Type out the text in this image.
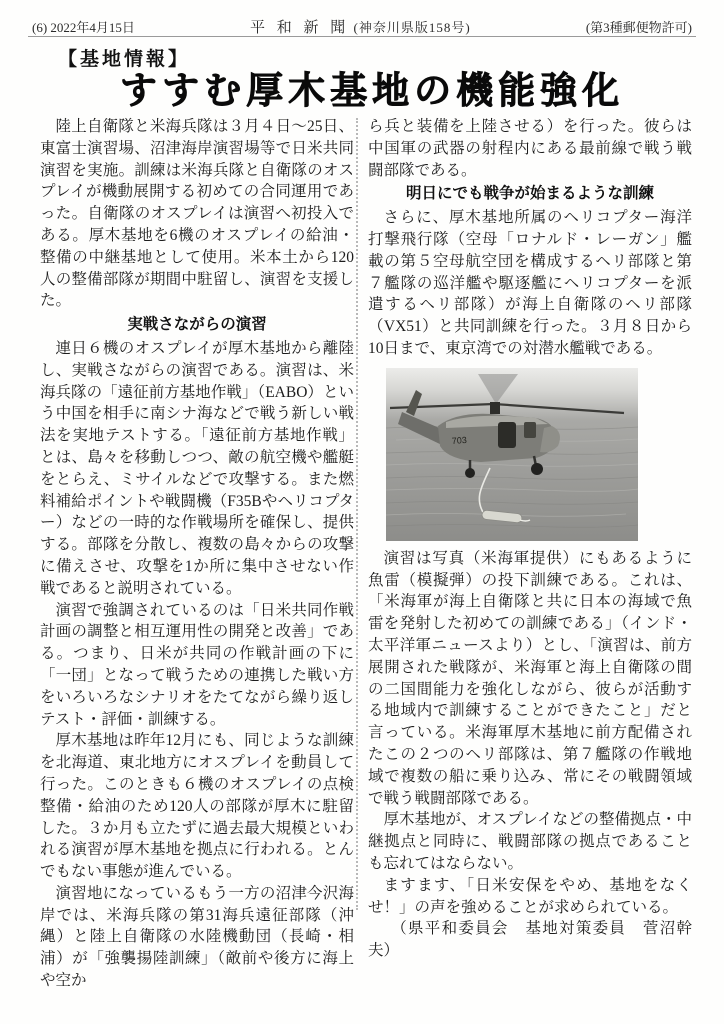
(6) 2022年4月15日	平 和 新 聞 (神奈川県版158号)	(第3種郵便物許可)
【基地情報】
すすむ厚木基地の機能強化

陸上自衛隊と米海兵隊は３月４日～25日、東富士演習場、沼津海岸演習場等で日米共同演習を実施。訓練は米海兵隊と自衛隊のオスプレイが機動展開する初めての合同運用であった。自衛隊のオスプレイは演習へ初投入である。厚木基地を6機のオスプレイの給油・整備の中継基地として使用。米本土から120人の整備部隊が期間中駐留し、演習を支援した。

実戦さながらの演習

連日６機のオスプレイが厚木基地から離陸し、実戦さながらの演習である。演習は、米海兵隊の「遠征前方基地作戦」（EABO）という中国を相手に南シナ海などで戦う新しい戦法を実地テストする。「遠征前方基地作戦」とは、島々を移動しつつ、敵の航空機や艦艇をとらえ、ミサイルなどで攻撃する。また燃料補給ポイントや戦闘機（F35Bやヘリコプター）などの一時的な作戦場所を確保し、提供する。部隊を分散し、複数の島々からの攻撃に備えさせ、攻撃を1か所に集中させない作戦であると説明されている。

演習で強調されているのは「日米共同作戦計画の調整と相互運用性の開発と改善」である。つまり、日米が共同の作戦計画の下に「一団」となって戦うための連携した戦い方をいろいろなシナリオをたてながら繰り返しテスト・評価・訓練する。

厚木基地は昨年12月にも、同じような訓練を北海道、東北地方にオスプレイを動員して行った。このときも６機のオスプレイの点検整備・給油のため120人の部隊が厚木に駐留した。３か月も立たずに過去最大規模といわれる演習が厚木基地を拠点に行われる。とんでもない事態が進んでいる。

演習地になっているもう一方の沼津今沢海岸では、米海兵隊の第31海兵遠征部隊（沖縄）と陸上自衛隊の水陸機動団（長崎・相浦）が「強襲揚陸訓練」（敵前や後方に海上や空か

ら兵と装備を上陸させる）を行った。彼らは中国軍の武器の射程内にある最前線で戦う戦闘部隊である。

明日にでも戦争が始まるような訓練

さらに、厚木基地所属のヘリコプター海洋打撃飛行隊（空母「ロナルド・レーガン」艦載の第５空母航空団を構成するヘリ部隊と第７艦隊の巡洋艦や駆逐艦にヘリコプターを派遣するヘリ部隊）が海上自衛隊のヘリ部隊（VX51）と共同訓練を行った。３月８日から10日まで、東京湾での対潜水艦戦である。

703

演習は写真（米海軍提供）にもあるように魚雷（模擬弾）の投下訓練である。これは、「米海軍が海上自衛隊と共に日本の海域で魚雷を発射した初めての訓練である」（インド・太平洋軍ニュースより）とし、「演習は、前方展開された戦隊が、米海軍と海上自衛隊の間の二国間能力を強化しながら、彼らが活動する地域内で訓練することができたこと」だと言っている。米海軍厚木基地に前方配備されたこの２つのヘリ部隊は、第７艦隊の作戦地域で複数の船に乗り込み、常にその戦闘領域で戦う戦闘部隊である。

厚木基地が、オスプレイなどの整備拠点・中継拠点と同時に、戦闘部隊の拠点であることも忘れてはならない。

ますます、「日米安保をやめ、基地をなくせ！」の声を強めることが求められている。

（県平和委員会　基地対策委員　菅沼幹夫）
